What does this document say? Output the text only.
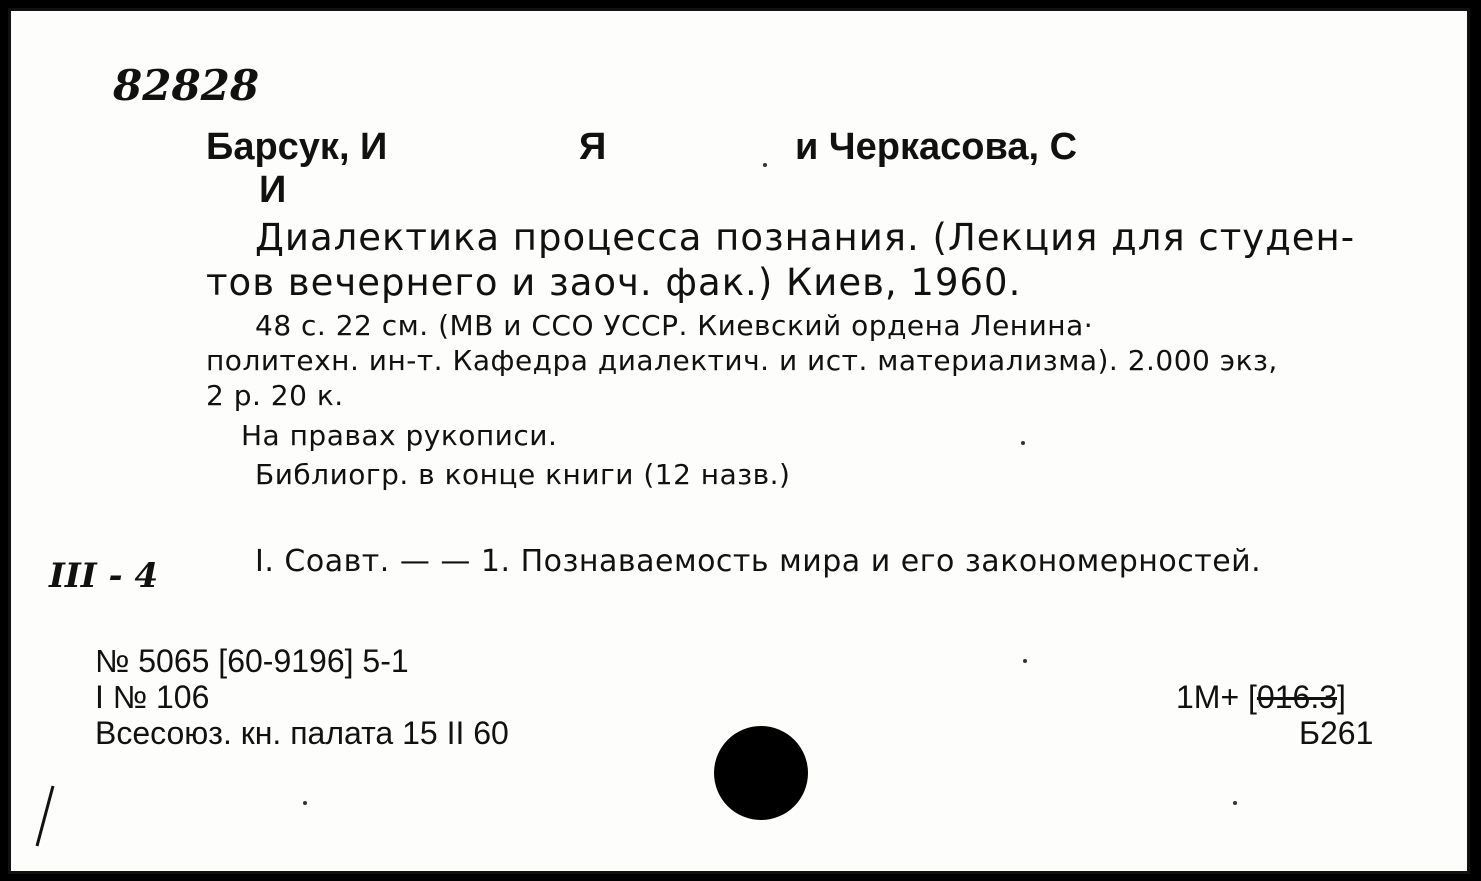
82828
Барсук, И	Я	и Черкасова, С
И
Диалектика процесса познания. (Лекция для студен-
тов вечернего и заоч. фак.) Киев, 1960.
48 с. 22 см. (МВ и ССО УССР. Киевский ордена Ленина·
политехн. ин-т. Кафедра диалектич. и ист. материализма). 2.000 экз,
2 р. 20 к.
На правах рукописи.
Библиогр. в конце книги (12 назв.)
I. Соавт. — — 1. Познаваемость мира и его закономерностей.
III - 4
№ 5065 [60-9196] 5-1
I № 106
Всесоюз. кн. палата 15 II 60
1М+ [016.3]
Б261
